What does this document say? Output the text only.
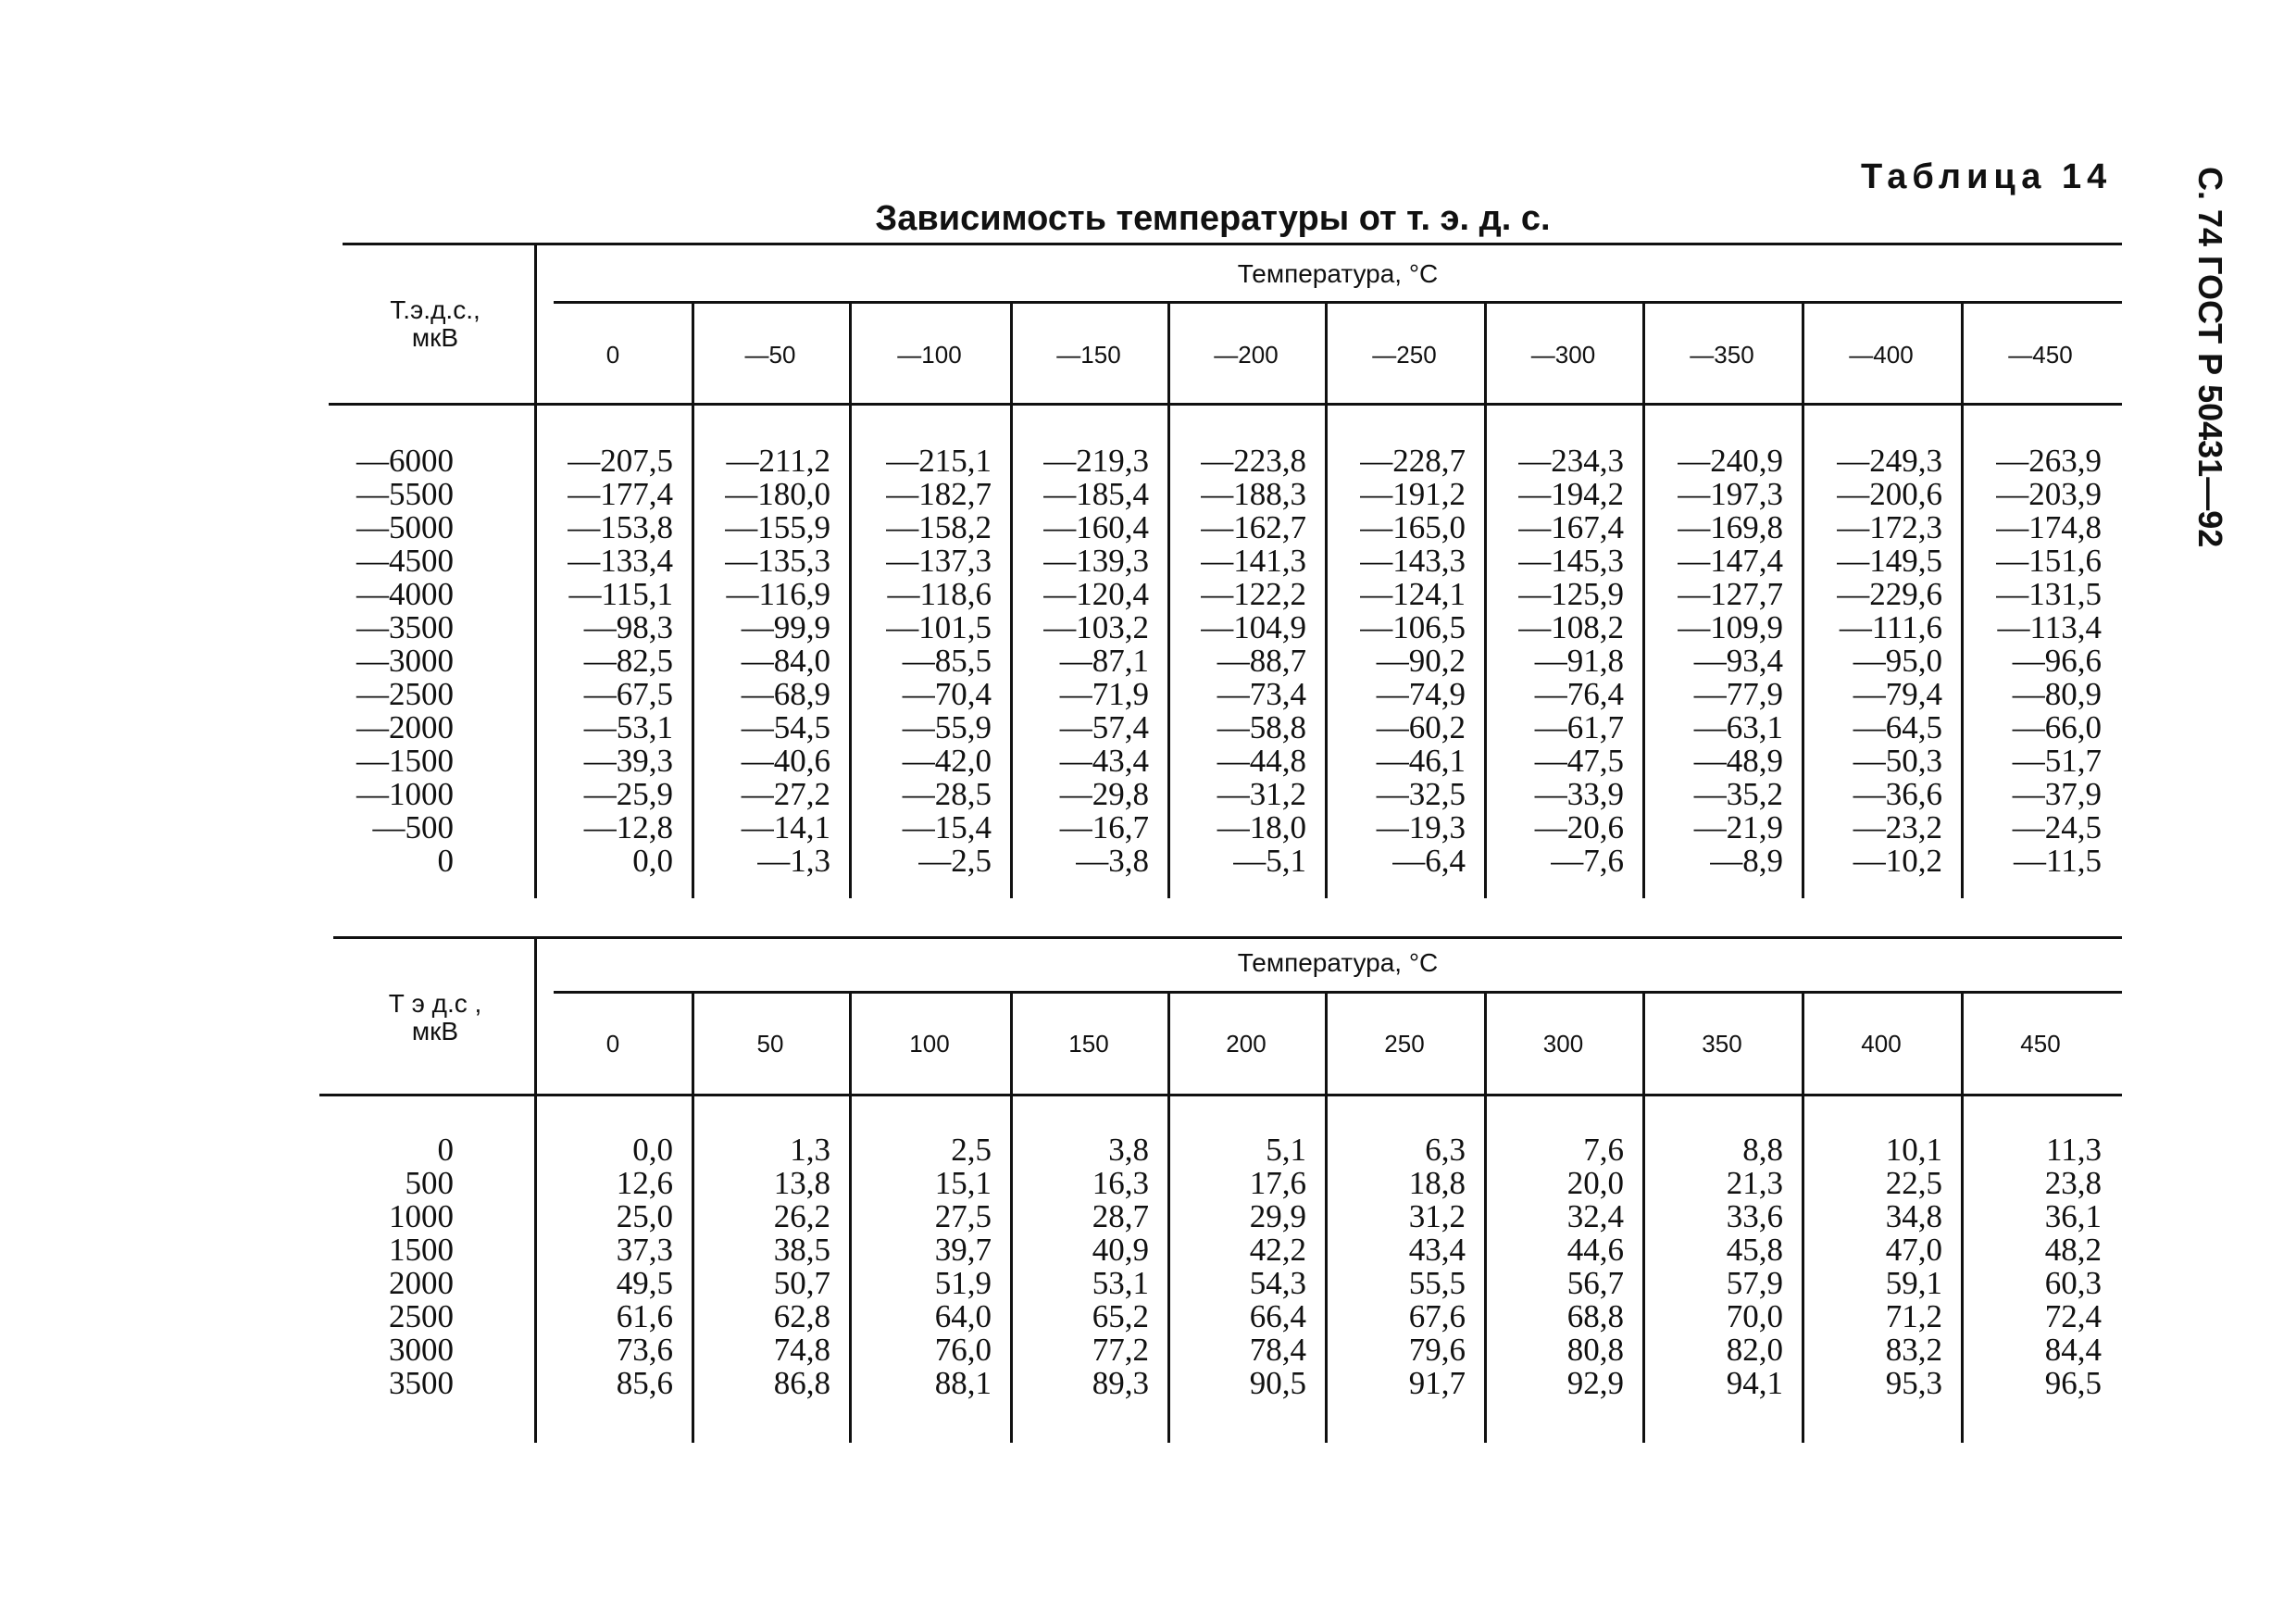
Таблица 14
Зависимость температуры от т. э. д. с.	С. 74 ГОСТ Р 50431—92
Т.э.д.с.,
мкВ
Температура, °С
0	—50	—100	—150	—200	—250	—300	—350	—400	—450
—6000	—207,5	—211,2	—215,1	—219,3	—223,8	—228,7	—234,3	—240,9	—249,3	—263,9
—5500	—177,4	—180,0	—182,7	—185,4	—188,3	—191,2	—194,2	—197,3	—200,6	—203,9
—5000	—153,8	—155,9	—158,2	—160,4	—162,7	—165,0	—167,4	—169,8	—172,3	—174,8
—4500	—133,4	—135,3	—137,3	—139,3	—141,3	—143,3	—145,3	—147,4	—149,5	—151,6
—4000	—115,1	—116,9	—118,6	—120,4	—122,2	—124,1	—125,9	—127,7	—229,6	—131,5
—3500	—98,3	—99,9	—101,5	—103,2	—104,9	—106,5	—108,2	—109,9	—111,6	—113,4
—3000	—82,5	—84,0	—85,5	—87,1	—88,7	—90,2	—91,8	—93,4	—95,0	—96,6
—2500	—67,5	—68,9	—70,4	—71,9	—73,4	—74,9	—76,4	—77,9	—79,4	—80,9
—2000	—53,1	—54,5	—55,9	—57,4	—58,8	—60,2	—61,7	—63,1	—64,5	—66,0
—1500	—39,3	—40,6	—42,0	—43,4	—44,8	—46,1	—47,5	—48,9	—50,3	—51,7
—1000	—25,9	—27,2	—28,5	—29,8	—31,2	—32,5	—33,9	—35,2	—36,6	—37,9
—500	—12,8	—14,1	—15,4	—16,7	—18,0	—19,3	—20,6	—21,9	—23,2	—24,5
0	0,0	—1,3	—2,5	—3,8	—5,1	—6,4	—7,6	—8,9	—10,2	—11,5
Т э д.с ,
мкВ
Температура, °С
0	50	100	150	200	250	300	350	400	450
0	0,0	1,3	2,5	3,8	5,1	6,3	7,6	8,8	10,1	11,3
500	12,6	13,8	15,1	16,3	17,6	18,8	20,0	21,3	22,5	23,8
1000	25,0	26,2	27,5	28,7	29,9	31,2	32,4	33,6	34,8	36,1
1500	37,3	38,5	39,7	40,9	42,2	43,4	44,6	45,8	47,0	48,2
2000	49,5	50,7	51,9	53,1	54,3	55,5	56,7	57,9	59,1	60,3
2500	61,6	62,8	64,0	65,2	66,4	67,6	68,8	70,0	71,2	72,4
3000	73,6	74,8	76,0	77,2	78,4	79,6	80,8	82,0	83,2	84,4
3500	85,6	86,8	88,1	89,3	90,5	91,7	92,9	94,1	95,3	96,5
